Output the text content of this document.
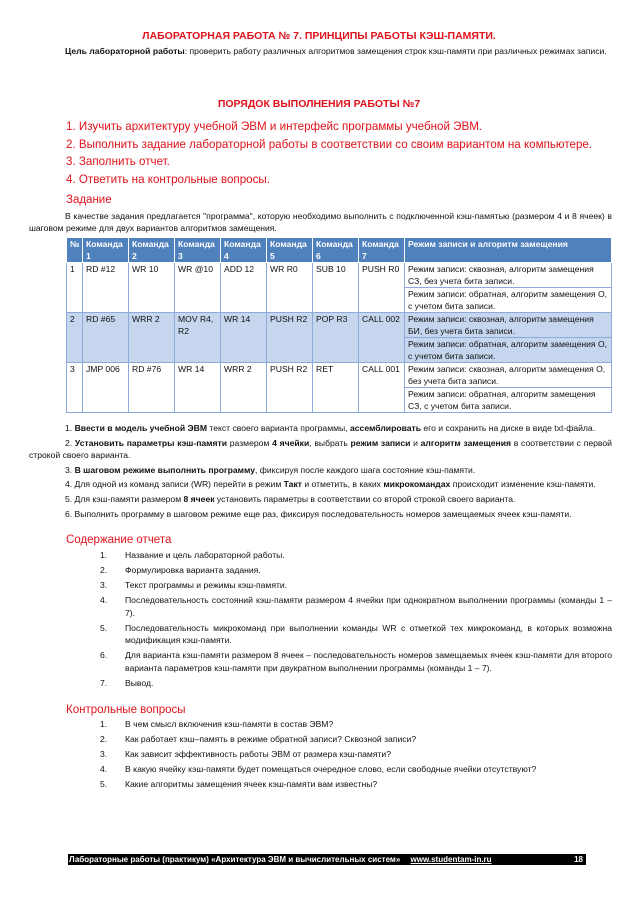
ЛАБОРАТОРНАЯ РАБОТА № 7. ПРИНЦИПЫ РАБОТЫ КЭШ-ПАМЯТИ.
Цель лабораторной работы: проверить работу различных алгоритмов замещения строк кэш-памяти при различных режимах записи.
ПОРЯДОК ВЫПОЛНЕНИЯ РАБОТЫ №7
1. Изучить архитектуру учебной ЭВМ и интерфейс программы учебной ЭВМ.
2. Выполнить задание лабораторной работы в соответствии со своим вариантом на компьютере.
3. Заполнить отчет.
4. Ответить на контрольные вопросы.
Задание
В качестве задания предлагается "программа", которую необходимо выполнить с подключенной кэш-памятью (размером 4 и 8 ячеек) в шаговом режиме для двух вариантов алгоритмов замещения.
№	Команда 1	Команда 2	Команда 3	Команда 4	Команда 5	Команда 6	Команда 7	Режим записи и алгоритм замещения
1	RD #12	WR 10	WR @10	ADD 12	WR R0	SUB 10	PUSH R0	Режим записи: сквозная, алгоритм замещения СЗ, без учета бита записи.
								Режим записи: обратная, алгоритм замещения О, с учетом бита записи.
2	RD #65	WRR 2	MOV R4, R2	WR 14	PUSH R2	POP R3	CALL 002	Режим записи: сквозная, алгоритм замещения БИ, без учета бита записи.
								Режим записи: обратная, алгоритм замещения О, с учетом бита записи.
3	JMP 006	RD #76	WR 14	WRR 2	PUSH R2	RET	CALL 001	Режим записи: сквозная, алгоритм замещения О, без учета бита записи.
								Режим записи: обратная, алгоритм замещения СЗ, с учетом бита записи.

1. Ввести в модель учебной ЭВМ текст своего варианта программы, ассемблировать его и сохранить на диске в виде txt-файла.

2. Установить параметры кэш-памяти размером 4 ячейки, выбрать режим записи и алгоритм замещения в соответствии с первой строкой своего варианта.

3. В шаговом режиме выполнить программу, фиксируя после каждого шага состояние кэш-памяти.

4. Для одной из команд записи (WR) перейти в режим Такт и отметить, в каких микрокомандах происходит изменение кэш-памяти.

5. Для кэш-памяти размером 8 ячеек установить параметры в соответствии со второй строкой своего варианта.

6. Выполнить программу в шаговом режиме еще раз, фиксируя последовательность номеров замещаемых ячеек кэш-памяти.

Содержание отчета
1. Название и цель лабораторной работы.
2. Формулировка варианта задания.
3. Текст программы и режимы кэш-памяти.
4. Последовательность состояний кэш-памяти размером 4 ячейки при однократном выполнении программы (команды 1 – 7).
5. Последовательность микрокоманд при выполнении команды WR с отметкой тех микрокоманд, в которых возможна модификация кэш-памяти.
6. Для варианта кэш-памяти размером 8 ячеек – последовательность номеров замещаемых ячеек кэш-памяти для второго варианта параметров кэш-памяти при двукратном выполнении программы (команды 1 – 7).
7. Вывод.
Контрольные вопросы
1. В чем смысл включения кэш-памяти в состав ЭВМ?
2. Как работает кэш–память в режиме обратной записи? Сквозной записи?
3. Как зависит эффективность работы ЭВМ от размера кэш-памяти?
4. В какую ячейку кэш-памяти будет помещаться очередное слово, если свободные ячейки отсутствуют?
5. Какие алгоритмы замещения ячеек кэш-памяти вам известны?
Лабораторные работы (практикум) «Архитектура ЭВМ и вычислительных систем» www.studentam-in.ru	18
